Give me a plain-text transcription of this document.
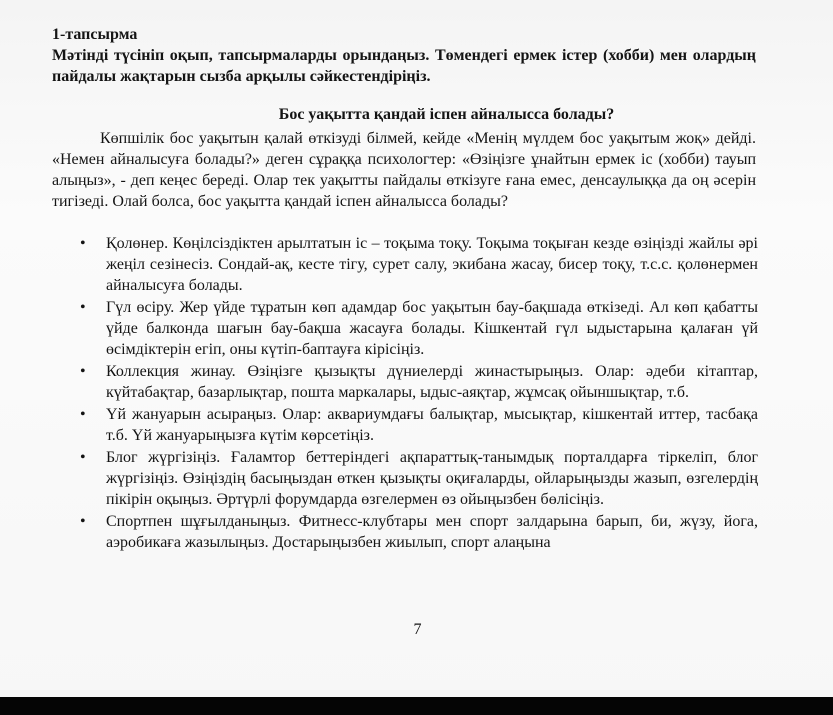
1-тапсырма
Мәтінді түсініп оқып, тапсырмаларды орындаңыз. Төмендегі ермек істер (хобби) мен олардың пайдалы жақтарын сызба арқылы сәйкестендіріңіз.
Бос уақытта қандай іспен айналысса болады?
Көпшілік бос уақытын қалай өткізуді білмей, кейде «Менің мүлдем бос уақытым жоқ» дейді. «Немен айналысуға болады?» деген сұраққа психологтер: «Өзіңізге ұнайтын ермек іс (хобби) тауып алыңыз», - деп кеңес береді. Олар тек уақытты пайдалы өткізуге ғана емес, денсаулыққа да оң әсерін тигізеді. Олай болса, бос уақытта қандай іспен айналысса болады?
• Қолөнер. Көңілсіздіктен арылтатын іс – тоқыма тоқу. Тоқыма тоқыған кезде өзіңізді жайлы әрі жеңіл сезінесіз. Сондай-ақ, кесте тігу, сурет салу, экибана жасау, бисер тоқу, т.с.с. қолөнермен айналысуға болады.
• Гүл өсіру. Жер үйде тұратын көп адамдар бос уақытын бау-бақшада өткізеді. Ал көп қабатты үйде балконда шағын бау-бақша жасауға болады. Кішкентай гүл ыдыстарына қалаған үй өсімдіктерін егіп, оны күтіп-баптауға кірісіңіз.
• Коллекция жинау. Өзіңізге қызықты дүниелерді жинастырыңыз. Олар: әдеби кітаптар, күйтабақтар, базарлықтар, пошта маркалары, ыдыс-аяқтар, жұмсақ ойыншықтар, т.б.
• Үй жануарын асыраңыз. Олар: аквариумдағы балықтар, мысықтар, кішкентай иттер, тасбақа т.б. Үй жануарыңызға күтім көрсетіңіз.
• Блог жүргізіңіз. Ғаламтор беттеріндегі ақпараттық-танымдық порталдарға тіркеліп, блог жүргізіңіз. Өзіңіздің басыңыздан өткен қызықты оқиғаларды, ойларыңызды жазып, өзгелердің пікірін оқыңыз. Әртүрлі форумдарда өзгелермен өз ойыңызбен бөлісіңіз.
• Спортпен шұғылданыңыз. Фитнесс-клубтары мен спорт залдарына барып, би, жүзу, йога, аэробикаға жазылыңыз. Достарыңызбен жиылып, спорт алаңына
7
